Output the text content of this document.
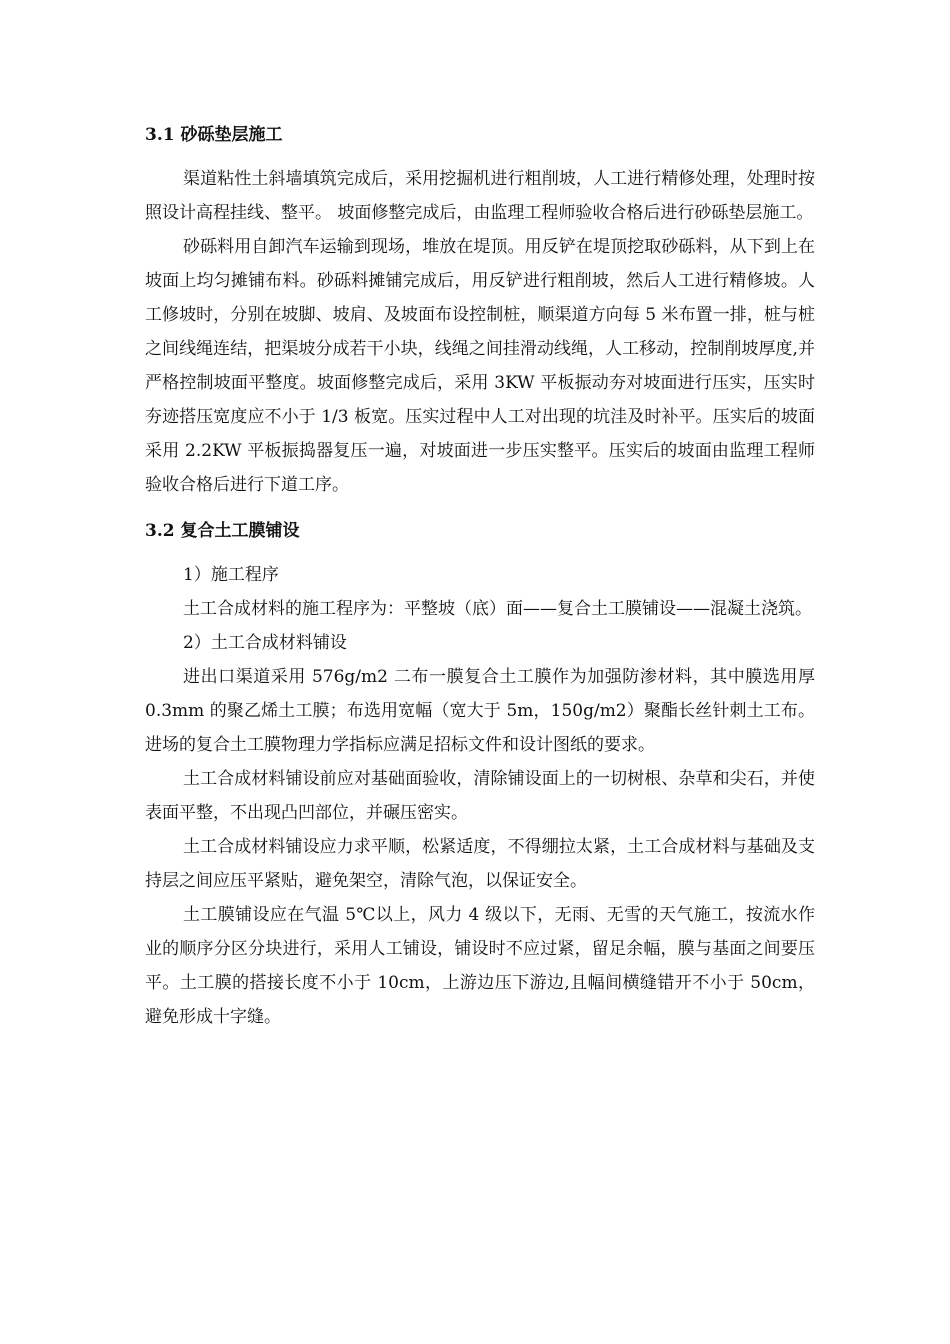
3.1 砂砾垫层施工

渠道粘性土斜墙填筑完成后，采用挖掘机进行粗削坡，人工进行精修处理，处理时按照设计高程挂线、整平。 坡面修整完成后，由监理工程师验收合格后进行砂砾垫层施工。

砂砾料用自卸汽车运输到现场，堆放在堤顶。用反铲在堤顶挖取砂砾料，从下到上在坡面上均匀摊铺布料。砂砾料摊铺完成后，用反铲进行粗削坡，然后人工进行精修坡。人工修坡时，分别在坡脚、坡肩、及坡面布设控制桩，顺渠道方向每 5 米布置一排，桩与桩之间线绳连结，把渠坡分成若干小块，线绳之间挂滑动线绳，人工移动，控制削坡厚度,并严格控制坡面平整度。坡面修整完成后，采用 3KW 平板振动夯对坡面进行压实，压实时夯迹搭压宽度应不小于 1/3 板宽。压实过程中人工对出现的坑洼及时补平。压实后的坡面采用 2.2KW 平板振捣器复压一遍，对坡面进一步压实整平。压实后的坡面由监理工程师验收合格后进行下道工序。

3.2 复合土工膜铺设

1）施工程序

土工合成材料的施工程序为：平整坡（底）面——复合土工膜铺设——混凝土浇筑。

2）土工合成材料铺设

进出口渠道采用 576g/m2 二布一膜复合土工膜作为加强防渗材料，其中膜选用厚 0.3mm 的聚乙烯土工膜；布选用宽幅（宽大于 5m，150g/m2）聚酯长丝针刺土工布。进场的复合土工膜物理力学指标应满足招标文件和设计图纸的要求。

土工合成材料铺设前应对基础面验收，清除铺设面上的一切树根、杂草和尖石，并使表面平整，不出现凸凹部位，并碾压密实。

土工合成材料铺设应力求平顺，松紧适度，不得绷拉太紧，土工合成材料与基础及支持层之间应压平紧贴，避免架空，清除气泡，以保证安全。

土工膜铺设应在气温 5℃以上，风力 4 级以下，无雨、无雪的天气施工，按流水作业的顺序分区分块进行，采用人工铺设，铺设时不应过紧，留足余幅，膜与基面之间要压平。土工膜的搭接长度不小于 10cm，上游边压下游边,且幅间横缝错开不小于 50cm，避免形成十字缝。
